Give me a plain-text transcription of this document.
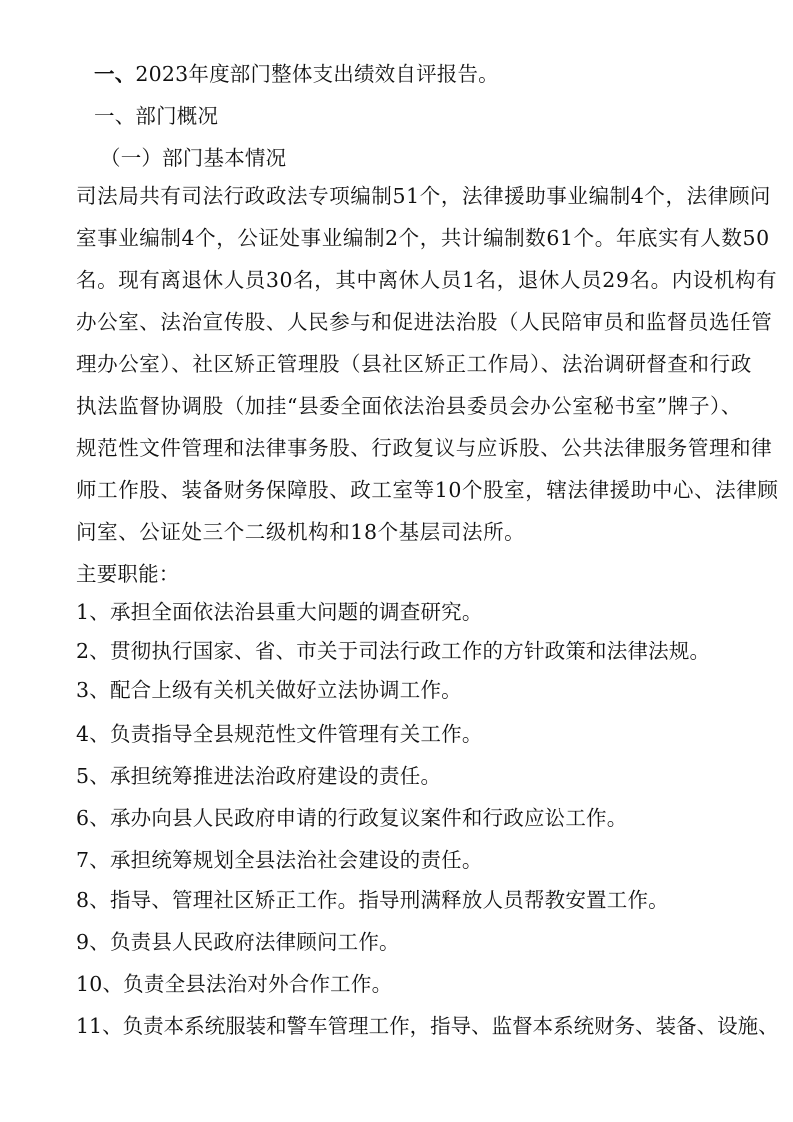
一、2023年度部门整体支出绩效自评报告。
一、部门概况
（一）部门基本情况
司法局共有司法行政政法专项编制51个，法律援助事业编制4个，法律顾问
室事业编制4个，公证处事业编制2个，共计编制数61个。年底实有人数50
名。现有离退休人员30名，其中离休人员1名，退休人员29名。内设机构有
办公室、法治宣传股、人民参与和促进法治股（人民陪审员和监督员选任管
理办公室）、社区矫正管理股（县社区矫正工作局）、法治调研督查和行政
执法监督协调股（加挂“县委全面依法治县委员会办公室秘书室”牌子）、
规范性文件管理和法律事务股、行政复议与应诉股、公共法律服务管理和律
师工作股、装备财务保障股、政工室等10个股室，辖法律援助中心、法律顾
问室、公证处三个二级机构和18个基层司法所。
主要职能：
1、承担全面依法治县重大问题的调查研究。
2、贯彻执行国家、省、市关于司法行政工作的方针政策和法律法规。
3、配合上级有关机关做好立法协调工作。
4、负责指导全县规范性文件管理有关工作。
5、承担统筹推进法治政府建设的责任。
6、承办向县人民政府申请的行政复议案件和行政应讼工作。
7、承担统筹规划全县法治社会建设的责任。
8、指导、管理社区矫正工作。指导刑满释放人员帮教安置工作。
9、负责县人民政府法律顾问工作。
10、负责全县法治对外合作工作。
11、负责本系统服装和警车管理工作，指导、监督本系统财务、装备、设施、
